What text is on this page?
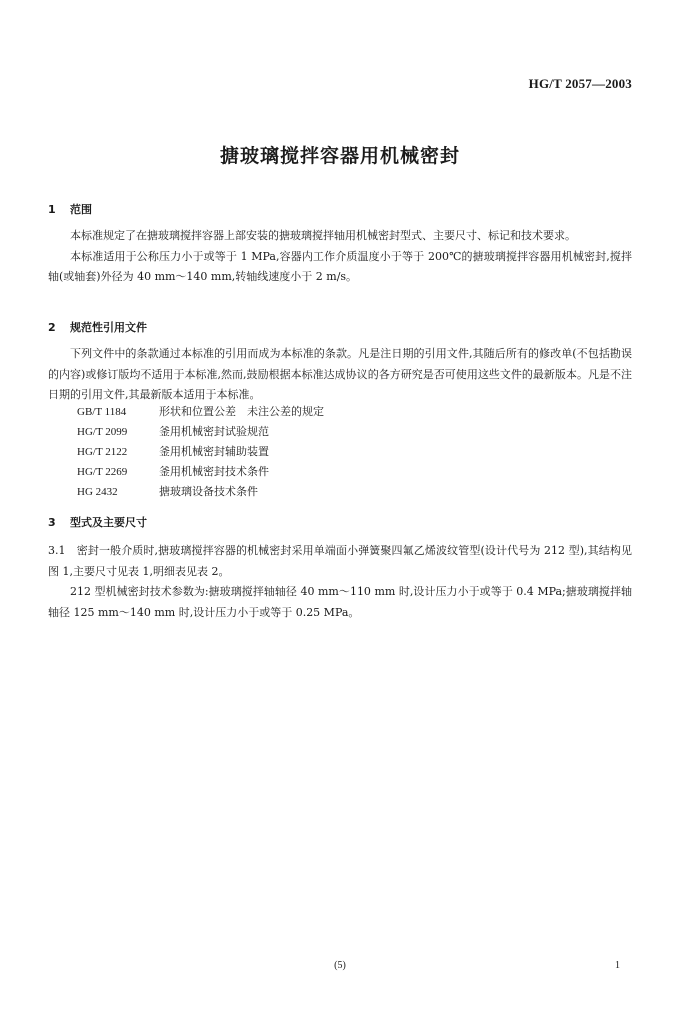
HG/T 2057—2003
搪玻璃搅拌容器用机械密封
1 范围

本标准规定了在搪玻璃搅拌容器上部安装的搪玻璃搅拌轴用机械密封型式、主要尺寸、标记和技术要求。

本标准适用于公称压力小于或等于 1 MPa,容器内工作介质温度小于等于 200℃的搪玻璃搅拌容器用机械密封,搅拌轴(或轴套)外径为 40 mm～140 mm,转轴线速度小于 2 m/s。

2 规范性引用文件

下列文件中的条款通过本标准的引用而成为本标准的条款。凡是注日期的引用文件,其随后所有的修改单(不包括勘误的内容)或修订版均不适用于本标准,然而,鼓励根据本标准达成协议的各方研究是否可使用这些文件的最新版本。凡是不注日期的引用文件,其最新版本适用于本标准。

GB/T 1184	形状和位置公差　未注公差的规定
HG/T 2099	釜用机械密封试验规范
HG/T 2122	釜用机械密封辅助装置
HG/T 2269	釜用机械密封技术条件
HG 2432	搪玻璃设备技术条件
3 型式及主要尺寸

3.1　 密封一般介质时,搪玻璃搅拌容器的机械密封采用单端面小弹簧聚四氟乙烯波纹管型(设计代号为 212 型),其结构见图 1,主要尺寸见表 1,明细表见表 2。

212 型机械密封技术参数为:搪玻璃搅拌轴轴径 40 mm～110 mm 时,设计压力小于或等于 0.4 MPa;搪玻璃搅拌轴轴径 125 mm～140 mm 时,设计压力小于或等于 0.25 MPa。

(5)	1
